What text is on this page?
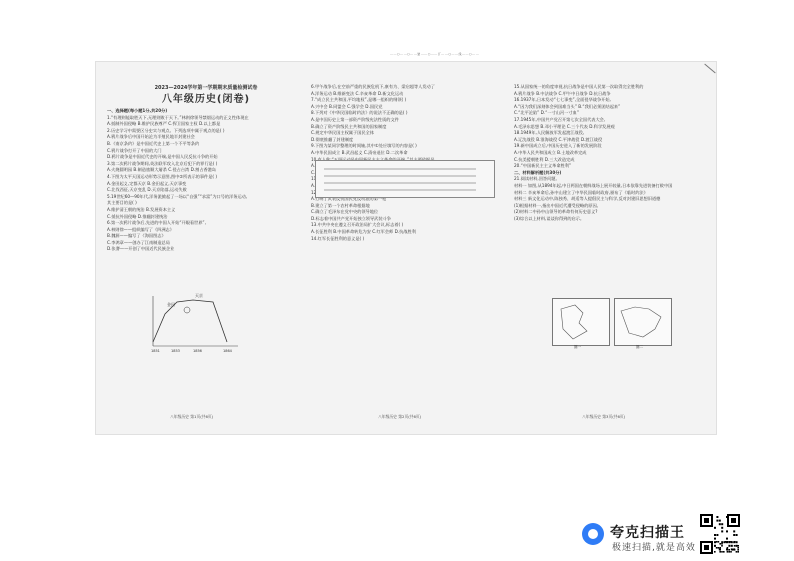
……○……○……装……○……订……○……线……○……
2023—2024学年第一学期期末质量检测试卷
八年级历史(闭卷)
一、选择题(每小题1分,共20分)
1.“有理则能取胜天下,无理则败于天下。”林则徐领导禁烟运动的正义性体现在
A.抵制外国侵略 B.维护民族尊严 C.捍卫国家主权 D.以上都是
2.历史学习中需要区分史实与观点。下列选项中属于观点的是( )
A.鸦片战争后中国开始沦为半殖民地半封建社会
B.《南京条约》是中国近代史上第一个不平等条约
C.鸦片战争打开了中国的大门
D.鸦片战争是中国近代史的开端,是中国人民反抗斗争的开始
3.第二次鸦片战争期间,英法联军攻入北京后犯下的罪行是( )
A.火烧圆明园 B.制造旅顺大屠杀 C.侵占台湾 D.割占香港岛
4.下图为太平天国运动形势示意图,图中②所表示的事件是( )
A.金田起义,定都天京 B.金田起义,天京事变
C.北伐西征,天京变乱 D.天京陷落,运动失败
5.19世纪60—90年代,洋务派掀起了一场以“自强”“求富”为口号的洋务运动,
其主要目的是( )
A.维护清王朝的统治 B.发展资本主义
C.抵抗外国侵略 D.推翻封建统治
6.第一次鸦片战争后,先进的中国人开始“开眼看世界”,
A.林则徐——组织编写了《四洲志》
B.魏源——编写了《海国图志》
C.李鸿章——创办了江南制造总局
D.张謇——开创了中国近代民族企业
6.甲午战争后,在空前严重的民族危机下,康有为、梁启超等人发动了
A.洋务运动 B.维新变法 C.辛亥革命 D.新文化运动
7.“成立民主共和国,平均地权”,是哪一组织的纲领( )
A.兴中会 B.同盟会 C.强学会 D.国民党
8.下列对《中华民国临时约法》的说法不正确的是( )
A.是中国历史上第一部资产阶级宪法性质的文件
B.确立了资产阶级民主共和国的国家制度
C.规定中华民国主权属于国民全体
D.彻底推翻了封建制度
9.下图为某同学整理的时间轴,其中①处应填写的内容是( )
A.中华民国成立 B.武昌起义 C.清帝退位 D.二次革命
10.有人称:“五四运动是中国新民主主义革命的开端。”其主要依据是
A.工人阶级登上政治舞台 B.提出了“外争主权,内除国贼”
C.学生成为运动的先锋 D.北洋政府罢免了曹汝霖等人
11.中国共产党第一次全国代表大会召开的时间和地点是( )
A.1921年上海 B.1921年北京 C.1922年上海 D.1924年广州
12.1927年“八一”南昌起义的重要意义在于( )
A.打响了武装反抗国民党反动派的第一枪
B.建立了第一个农村革命根据地
C.确立了毛泽东在党中央的领导地位
D.标志着中国共产党开始独立领导武装斗争
13.中共中央在遵义召开政治局扩大会议,标志着( )
A.长征胜利 B.中国革命转危为安 C.红军会师 D.抗战胜利
14.红军长征胜利的意义是( )
15.从国家统一的角度审视,抗日战争是中国人民第一次取得完全胜利的
A.鸦片战争 B.中法战争 C.甲午中日战争 D.抗日战争
16.1937年,日本发动“七七事变”,全面侵华战争开始,
A.“因为我们深刻体会到国难当头” B.“我们必须团结起来”
C.“北平沦陷” D.“一寸山河一寸血”
17.1945年,中国共产党召开第七次全国代表大会,
A.毛泽东思想 B.邓小平理论 C.三个代表 D.科学发展观
18.1949年,人民解放军发起渡江战役,
A.辽沈战役 B.淮海战役 C.平津战役 D.渡江战役
19.新中国成立后,中国历史进入了新的发展阶段
A.中华人民共和国成立 B.土地改革完成
C.抗美援朝胜利 D.三大改造完成
20.“中国新民主主义革命胜利”
二、材料解析题(共30分)
21.阅读材料,回答问题。
材料一 如图,从1894年起,中日两国在朝鲜战场上展开较量,日本依靠先进装备打败中国
材料二 辛亥革命后,孙中山建立了中华民国临时政府,颁布了《临时约法》
材料三 新文化运动中,陈独秀、胡适等人提倡民主与科学,反对封建旧思想旧道德
(1)根据材料一,指出中国近代遭受侵略的原因。
(2)材料二中孙中山领导的革命有何历史意义?
(3)综合以上材料,谈谈你得到的启示。
金田
天京
1851	1853	1856	1864
图一	图二
八年级历史 第1页(共6页)	八年级历史 第2页(共6页)	八年级历史 第3页(共6页)
夸克扫描王
极速扫描,就是高效
